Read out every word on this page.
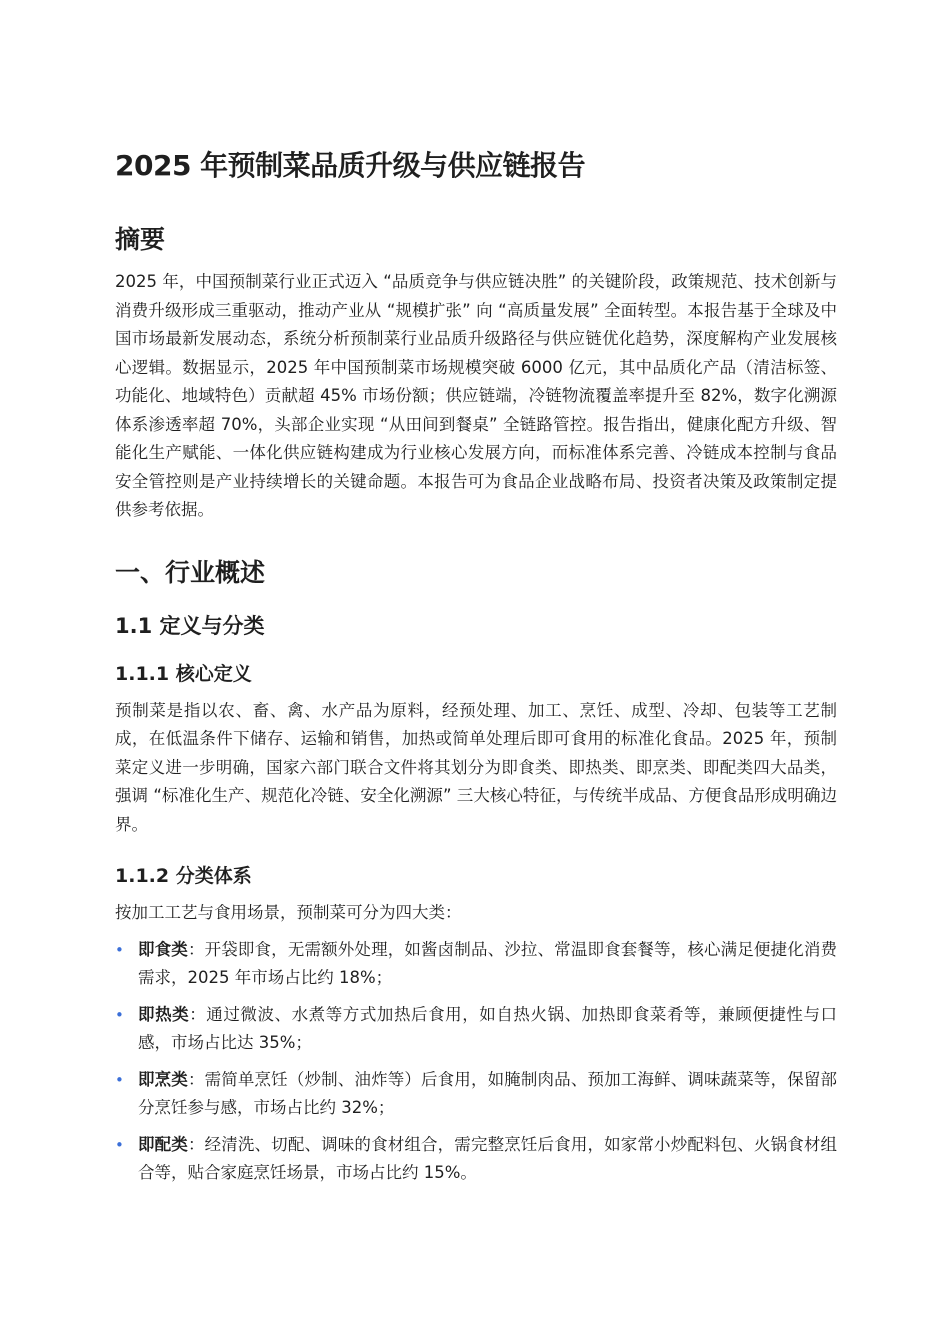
2025 年预制菜品质升级与供应链报告
摘要

2025 年，中国预制菜行业正式迈入 “品质竞争与供应链决胜” 的关键阶段，政策规范、技术创新与消费升级形成三重驱动，推动产业从 “规模扩张” 向 “高质量发展” 全面转型。本报告基于全球及中国市场最新发展动态，系统分析预制菜行业品质升级路径与供应链优化趋势，深度解构产业发展核心逻辑。数据显示，2025 年中国预制菜市场规模突破 6000 亿元，其中品质化产品（清洁标签、功能化、地域特色）贡献超 45% 市场份额；供应链端，冷链物流覆盖率提升至 82%，数字化溯源体系渗透率超 70%，头部企业实现 “从田间到餐桌” 全链路管控。报告指出，健康化配方升级、智能化生产赋能、一体化供应链构建成为行业核心发展方向，而标准体系完善、冷链成本控制与食品安全管控则是产业持续增长的关键命题。本报告可为食品企业战略布局、投资者决策及政策制定提供参考依据。

一、行业概述
1.1 定义与分类
1.1.1 核心定义

预制菜是指以农、畜、禽、水产品为原料，经预处理、加工、烹饪、成型、冷却、包装等工艺制成，在低温条件下储存、运输和销售，加热或简单处理后即可食用的标准化食品。2025 年，预制菜定义进一步明确，国家六部门联合文件将其划分为即食类、即热类、即烹类、即配类四大品类，强调 “标准化生产、规范化冷链、安全化溯源” 三大核心特征，与传统半成品、方便食品形成明确边界。

1.1.2 分类体系

按加工工艺与食用场景，预制菜可分为四大类：

• 即食类：开袋即食，无需额外处理，如酱卤制品、沙拉、常温即食套餐等，核心满足便捷化消费需求，2025 年市场占比约 18%；
• 即热类：通过微波、水煮等方式加热后食用，如自热火锅、加热即食菜肴等，兼顾便捷性与口感，市场占比达 35%；
• 即烹类：需简单烹饪（炒制、油炸等）后食用，如腌制肉品、预加工海鲜、调味蔬菜等，保留部分烹饪参与感，市场占比约 32%；
• 即配类：经清洗、切配、调味的食材组合，需完整烹饪后食用，如家常小炒配料包、火锅食材组合等，贴合家庭烹饪场景，市场占比约 15%。
